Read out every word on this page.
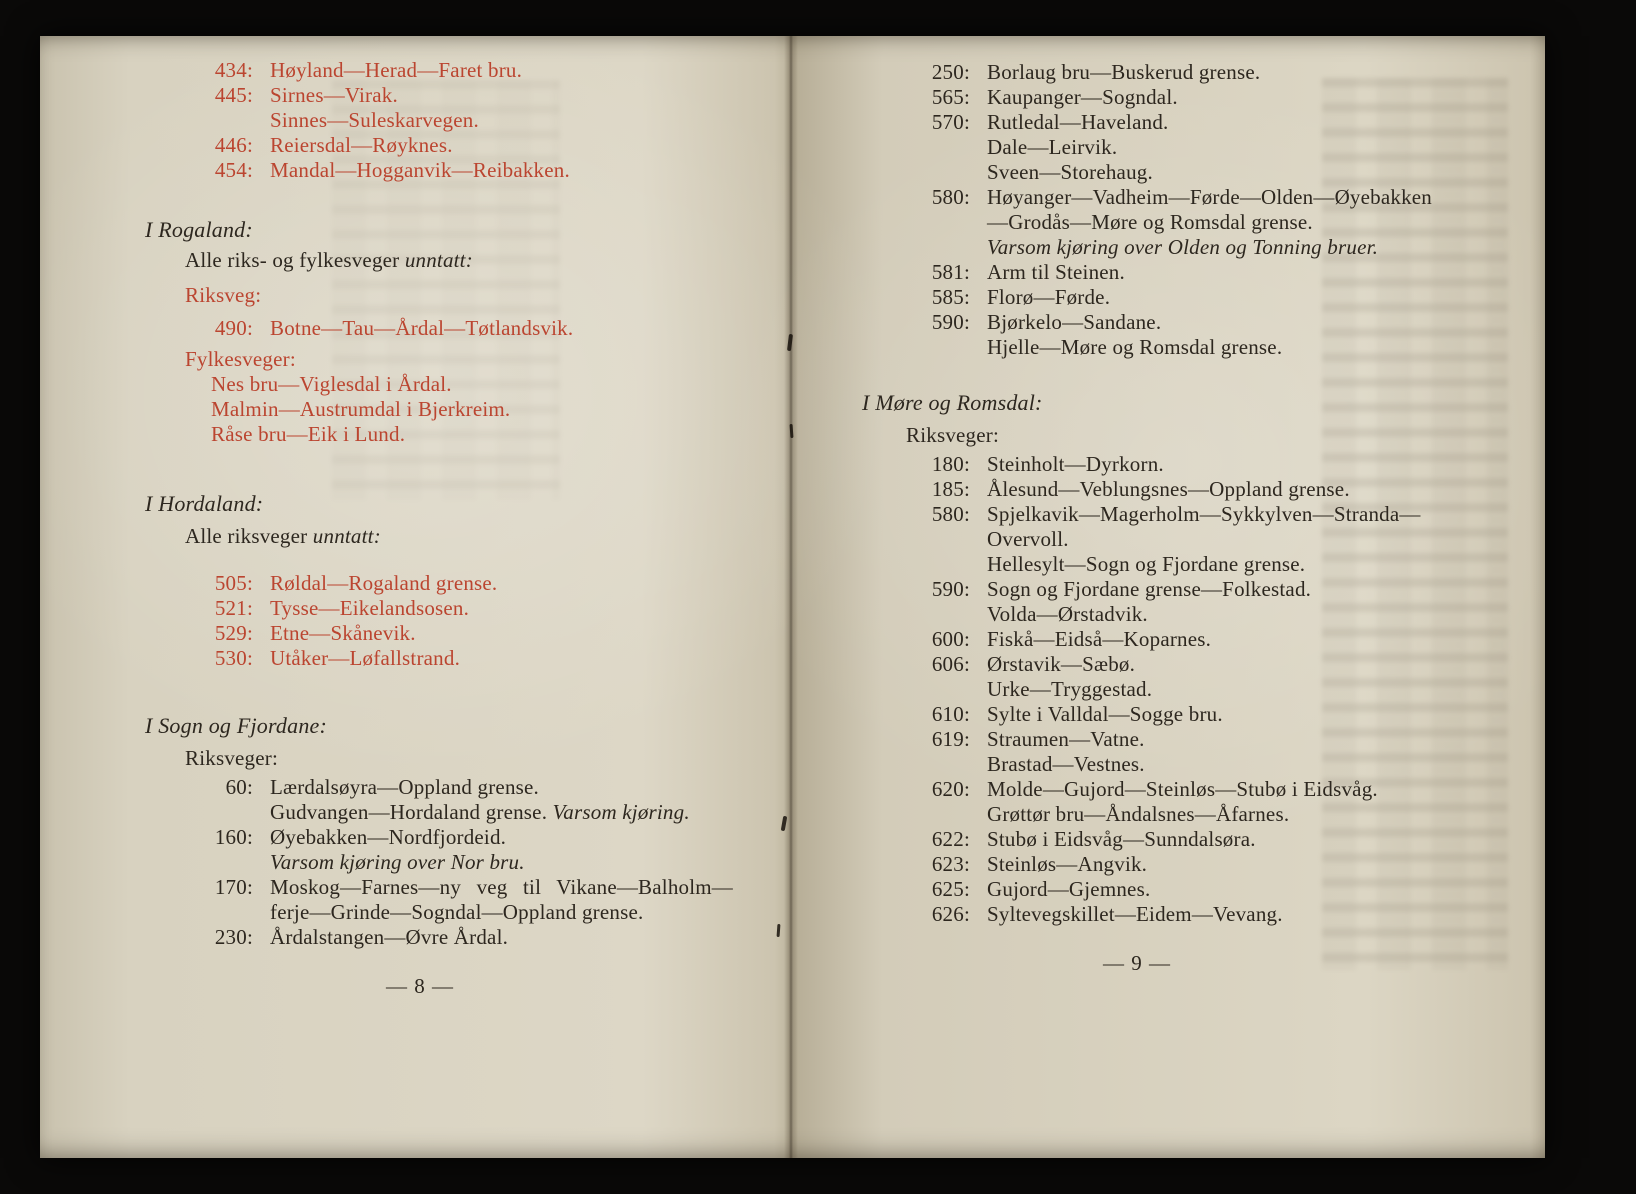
434: Høyland—Herad—Faret bru.
445: Sirnes—Virak.
Sinnes—Suleskarvegen.
446: Reiersdal—Røyknes.
454: Mandal—Hogganvik—Reibakken.
I Rogaland:
Alle riks- og fylkesveger unntatt:
Riksveg:
490: Botne—Tau—Årdal—Tøtlandsvik.
Fylkesveger:
Nes bru—Viglesdal i Årdal.
Malmin—Austrumdal i Bjerkreim.
Råse bru—Eik i Lund.
I Hordaland:
Alle riksveger unntatt:
505: Røldal—Rogaland grense.
521: Tysse—Eikelandsosen.
529: Etne—Skånevik.
530: Utåker—Løfallstrand.
I Sogn og Fjordane:
Riksveger:
60: Lærdalsøyra—Oppland grense.
Gudvangen—Hordaland grense. Varsom kjøring.
160: Øyebakken—Nordfjordeid.
Varsom kjøring over Nor bru.
170: Moskog—Farnes—ny veg til Vikane—Balholm—ferje—Grinde—Sogndal—Oppland grense.
230: Årdalstangen—Øvre Årdal.
— 8 —
250: Borlaug bru—Buskerud grense.
565: Kaupanger—Sogndal.
570: Rutledal—Haveland.
Dale—Leirvik.
Sveen—Storehaug.
580: Høyanger—Vadheim—Førde—Olden—Øyebakken—Grodås—Møre og Romsdal grense.
Varsom kjøring over Olden og Tonning bruer.
581: Arm til Steinen.
585: Florø—Førde.
590: Bjørkelo—Sandane.
Hjelle—Møre og Romsdal grense.
I Møre og Romsdal:
Riksveger:
180: Steinholt—Dyrkorn.
185: Ålesund—Veblungsnes—Oppland grense.
580: Spjelkavik—Magerholm—Sykkylven—Stranda—Overvoll.
Hellesylt—Sogn og Fjordane grense.
590: Sogn og Fjordane grense—Folkestad.
Volda—Ørstadvik.
600: Fiskå—Eidså—Koparnes.
606: Ørstavik—Sæbø.
Urke—Tryggestad.
610: Sylte i Valldal—Sogge bru.
619: Straumen—Vatne.
Brastad—Vestnes.
620: Molde—Gujord—Steinløs—Stubø i Eidsvåg.
Grøttør bru—Åndalsnes—Åfarnes.
622: Stubø i Eidsvåg—Sunndalsøra.
623: Steinløs—Angvik.
625: Gujord—Gjemnes.
626: Syltevegskillet—Eidem—Vevang.
— 9 —
